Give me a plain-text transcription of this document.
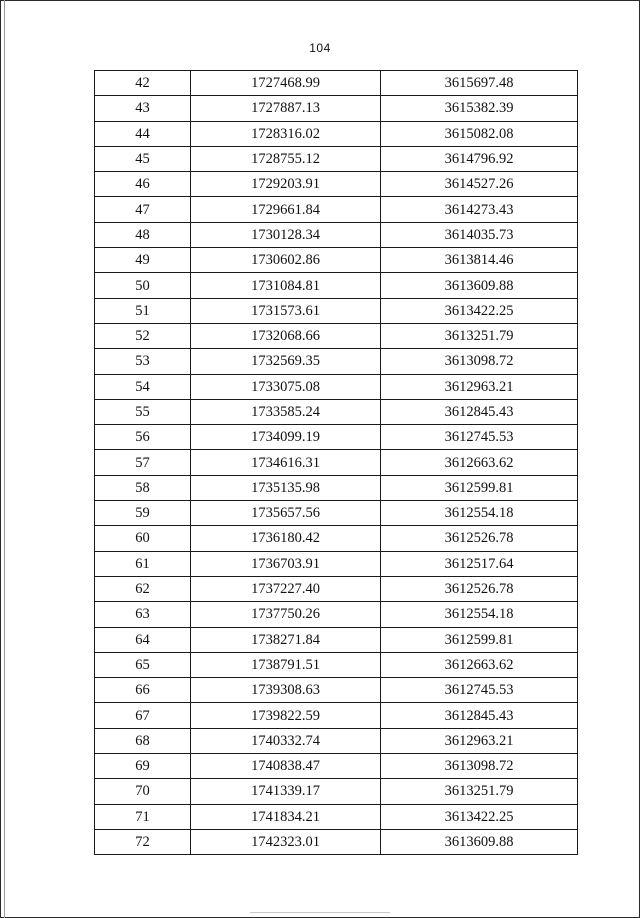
104
42	1727468.99	3615697.48
43	1727887.13	3615382.39
44	1728316.02	3615082.08
45	1728755.12	3614796.92
46	1729203.91	3614527.26
47	1729661.84	3614273.43
48	1730128.34	3614035.73
49	1730602.86	3613814.46
50	1731084.81	3613609.88
51	1731573.61	3613422.25
52	1732068.66	3613251.79
53	1732569.35	3613098.72
54	1733075.08	3612963.21
55	1733585.24	3612845.43
56	1734099.19	3612745.53
57	1734616.31	3612663.62
58	1735135.98	3612599.81
59	1735657.56	3612554.18
60	1736180.42	3612526.78
61	1736703.91	3612517.64
62	1737227.40	3612526.78
63	1737750.26	3612554.18
64	1738271.84	3612599.81
65	1738791.51	3612663.62
66	1739308.63	3612745.53
67	1739822.59	3612845.43
68	1740332.74	3612963.21
69	1740838.47	3613098.72
70	1741339.17	3613251.79
71	1741834.21	3613422.25
72	1742323.01	3613609.88
